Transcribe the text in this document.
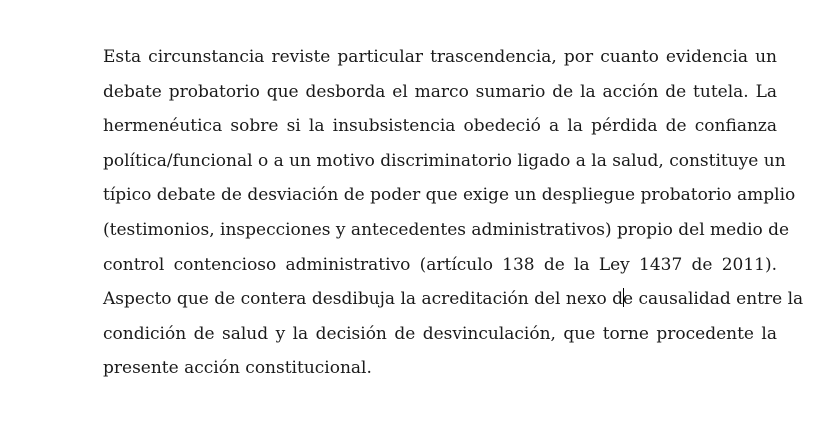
Esta circunstancia reviste particular trascendencia, por cuanto evidencia un
debate probatorio que desborda el marco sumario de la acción de tutela. La
hermenéutica sobre si la insubsistencia obedeció a la pérdida de confianza
política/funcional o a un motivo discriminatorio ligado a la salud, constituye un
típico debate de desviación de poder que exige un despliegue probatorio amplio
(testimonios, inspecciones y antecedentes administrativos) propio del medio de
control contencioso administrativo (artículo 138 de la Ley 1437 de 2011).
Aspecto que de contera desdibuja la acreditación del nexo de causalidad entre la
condición de salud y la decisión de desvinculación, que torne procedente la
presente acción constitucional.
